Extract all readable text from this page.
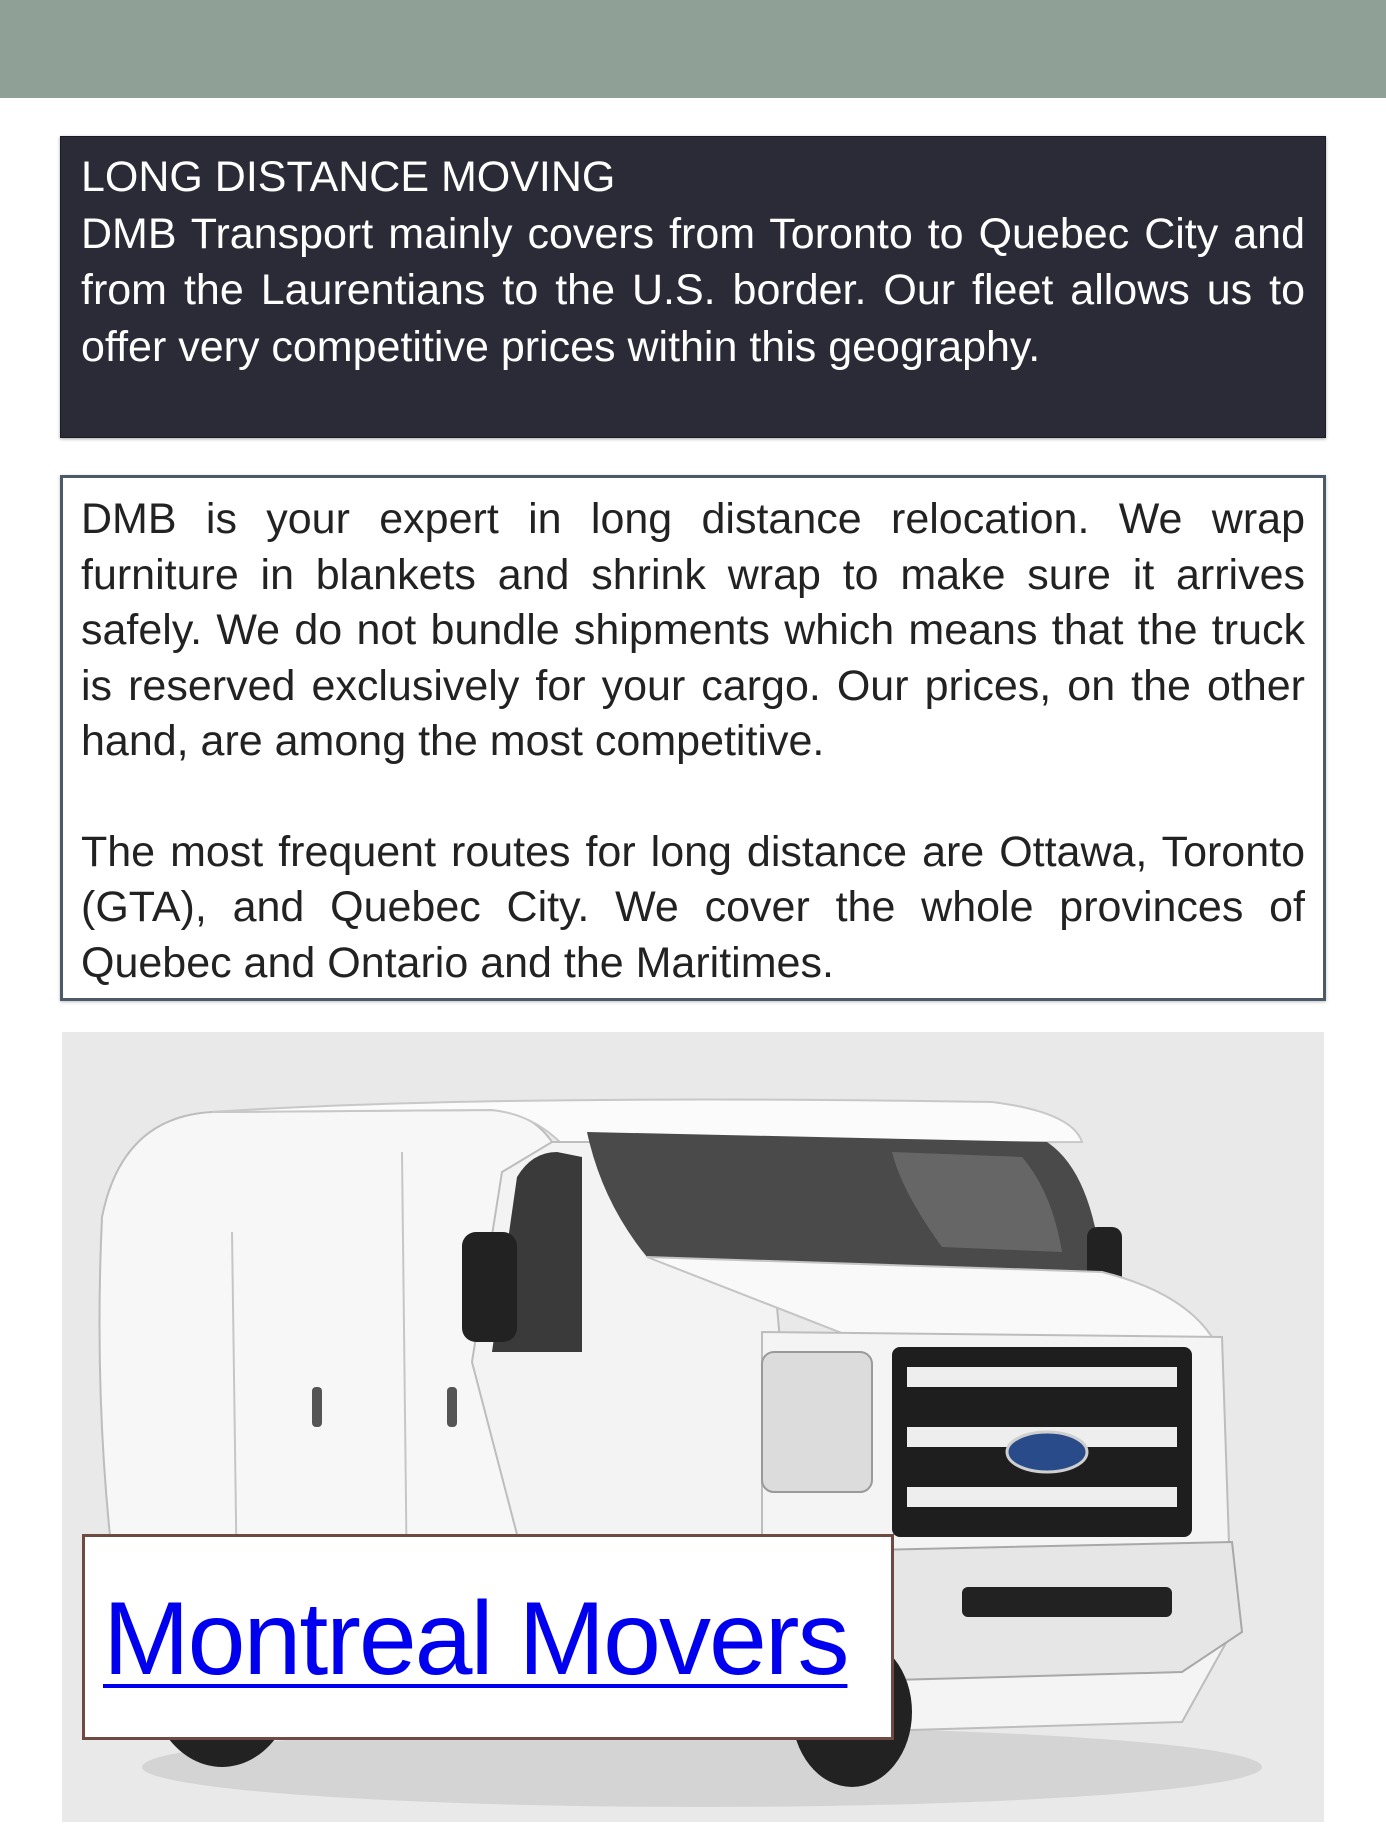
LONG DISTANCE MOVING
DMB Transport mainly covers from Toronto to Quebec City and from the Laurentians to the U.S. border. Our fleet allows us to offer very competitive prices within this geography.

DMB is your expert in long distance relocation. We wrap furniture in blankets and shrink wrap to make sure it arrives safely. We do not bundle shipments which means that the truck is reserved exclusively for your cargo. Our prices, on the other hand, are among the most competitive.

The most frequent routes for long distance are Ottawa, Toronto (GTA), and Quebec City. We cover the whole provinces of Quebec and Ontario and the Maritimes.

Montreal Movers
